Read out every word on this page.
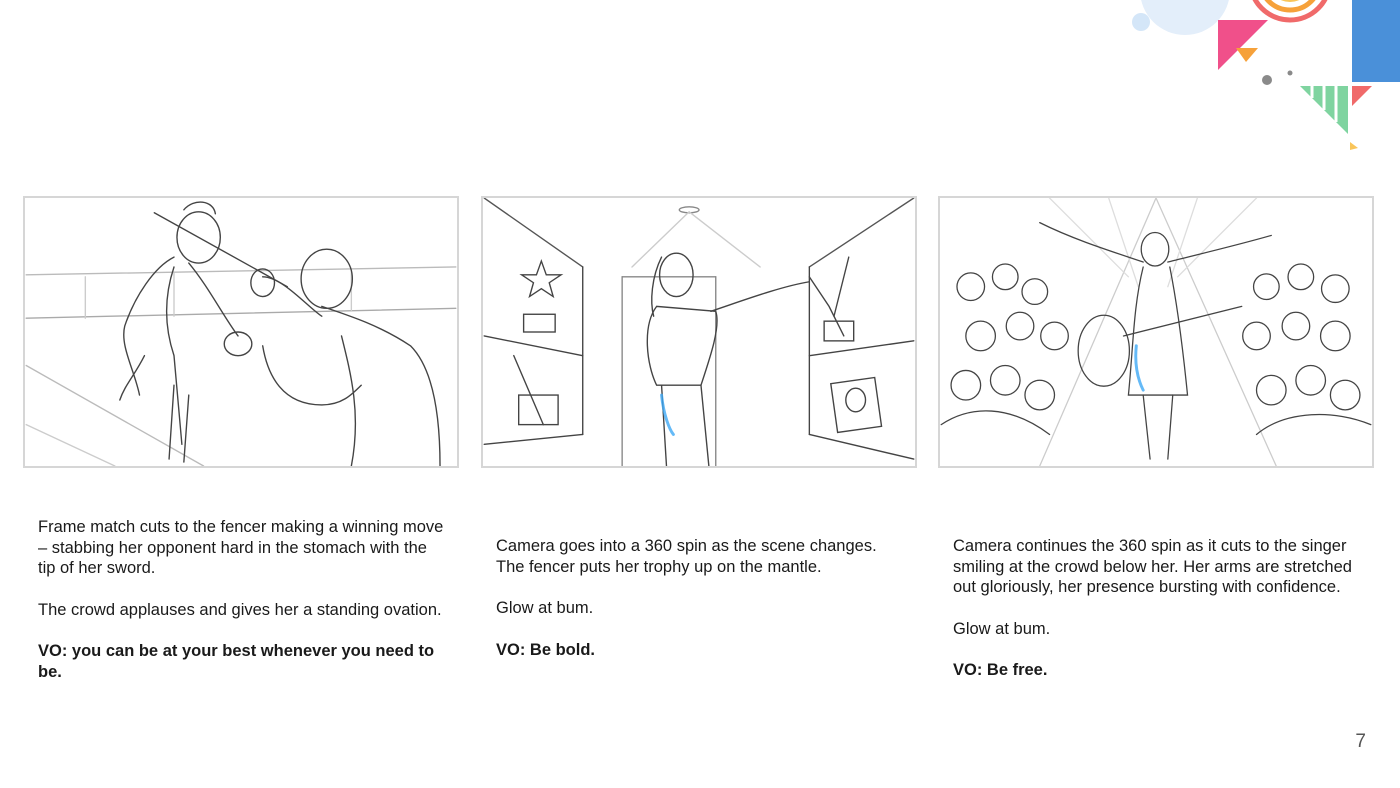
Frame match cuts to the fencer making a winning move – stabbing her opponent hard in the stomach with the tip of her sword.

The crowd applauses and gives her a standing ovation.

VO: you can be at your best whenever you need to be.

Camera goes into a 360 spin as the scene changes. The fencer puts her trophy up on the mantle.

Glow at bum.

VO: Be bold.

Camera continues the 360 spin as it cuts to the singer smiling at the crowd below her. Her arms are stretched out gloriously, her presence bursting with confidence.

Glow at bum.

VO: Be free.

7
